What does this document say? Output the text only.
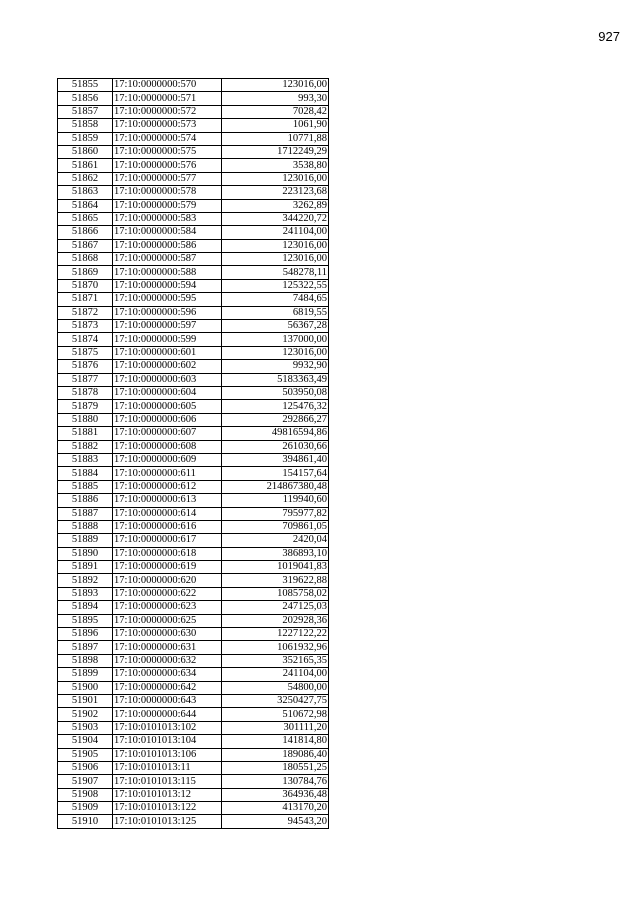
927
51855	17:10:0000000:570	123016,00
51856	17:10:0000000:571	993,30
51857	17:10:0000000:572	7028,42
51858	17:10:0000000:573	1061,90
51859	17:10:0000000:574	10771,88
51860	17:10:0000000:575	1712249,29
51861	17:10:0000000:576	3538,80
51862	17:10:0000000:577	123016,00
51863	17:10:0000000:578	223123,68
51864	17:10:0000000:579	3262,89
51865	17:10:0000000:583	344220,72
51866	17:10:0000000:584	241104,00
51867	17:10:0000000:586	123016,00
51868	17:10:0000000:587	123016,00
51869	17:10:0000000:588	548278,11
51870	17:10:0000000:594	125322,55
51871	17:10:0000000:595	7484,65
51872	17:10:0000000:596	6819,55
51873	17:10:0000000:597	56367,28
51874	17:10:0000000:599	137000,00
51875	17:10:0000000:601	123016,00
51876	17:10:0000000:602	9932,90
51877	17:10:0000000:603	5183363,49
51878	17:10:0000000:604	503950,08
51879	17:10:0000000:605	125476,32
51880	17:10:0000000:606	292866,27
51881	17:10:0000000:607	49816594,86
51882	17:10:0000000:608	261030,66
51883	17:10:0000000:609	394861,40
51884	17:10:0000000:611	154157,64
51885	17:10:0000000:612	214867380,48
51886	17:10:0000000:613	119940,60
51887	17:10:0000000:614	795977,82
51888	17:10:0000000:616	709861,05
51889	17:10:0000000:617	2420,04
51890	17:10:0000000:618	386893,10
51891	17:10:0000000:619	1019041,83
51892	17:10:0000000:620	319622,88
51893	17:10:0000000:622	1085758,02
51894	17:10:0000000:623	247125,03
51895	17:10:0000000:625	202928,36
51896	17:10:0000000:630	1227122,22
51897	17:10:0000000:631	1061932,96
51898	17:10:0000000:632	352165,35
51899	17:10:0000000:634	241104,00
51900	17:10:0000000:642	54800,00
51901	17:10:0000000:643	3250427,75
51902	17:10:0000000:644	510672,98
51903	17:10:0101013:102	301111,20
51904	17:10:0101013:104	141814,80
51905	17:10:0101013:106	189086,40
51906	17:10:0101013:11	180551,25
51907	17:10:0101013:115	130784,76
51908	17:10:0101013:12	364936,48
51909	17:10:0101013:122	413170,20
51910	17:10:0101013:125	94543,20
